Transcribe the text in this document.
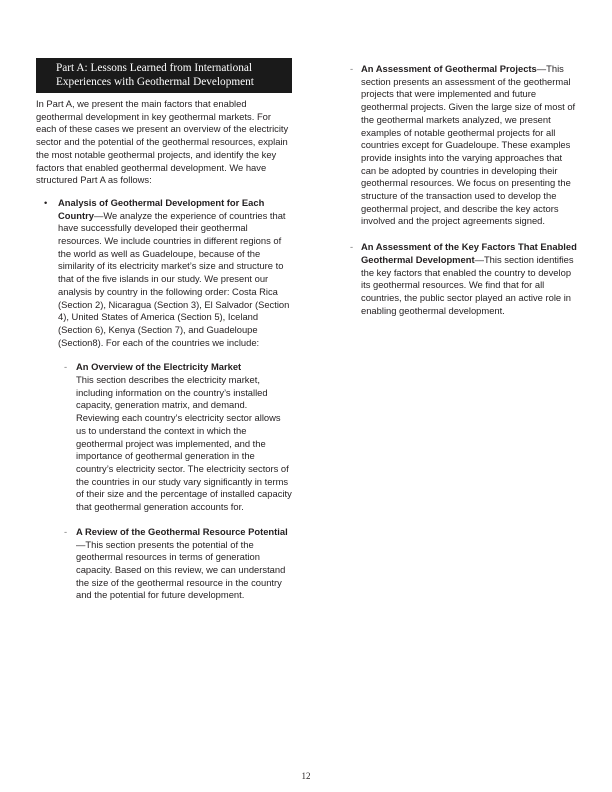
Part A: Lessons Learned from International
Experiences with Geothermal Development

In Part A, we present the main factors that enabled geothermal development in key geothermal markets. For each of these cases we present an overview of the electricity sector and the potential of the geothermal resources, explain the most notable geothermal projects, and identify the key factors that enabled geothermal development. We have structured Part A as follows:

• Analysis of Geothermal Development for Each Country—We analyze the experience of countries that have successfully developed their geothermal resources. We include countries in different regions of the world as well as Guadeloupe, because of the similarity of its electricity market’s size and structure to that of the five islands in our study. We present our analysis by country in the following order: Costa Rica (Section 2), Nicaragua (Section 3), El Salvador (Section 4), United States of America (Section 5), Iceland (Section 6), Kenya (Section 7), and Guadeloupe (Section8). For each of the countries we include:
- An Overview of the Electricity Market
This section describes the electricity market, including information on the country’s installed capacity, generation matrix, and demand. Reviewing each country’s electricity sector allows us to understand the context in which the geothermal project was implemented, and the importance of geothermal generation in the country’s electricity sector. The electricity sectors of the countries in our study vary significantly in terms of their size and the percentage of installed capacity that geothermal generation accounts for.
- A Review of the Geothermal Resource Potential—This section presents the potential of the geothermal resources in terms of generation capacity. Based on this review, we can understand the size of the geothermal resource in the country and the potential for future development.
- An Assessment of Geothermal Projects—This section presents an assessment of the geothermal projects that were implemented and future geothermal projects. Given the large size of most of the geothermal markets analyzed, we present examples of notable geothermal projects for all countries except for Guadeloupe. These examples provide insights into the varying approaches that can be adopted by countries in developing their geothermal resources. We focus on presenting the structure of the transaction used to develop the geothermal project, and describe the key actors involved and the project agreements signed.
- An Assessment of the Key Factors That Enabled Geothermal Development—This section identifies the key factors that enabled the country to develop its geothermal resources. We find that for all countries, the public sector played an active role in enabling geothermal development.
12
